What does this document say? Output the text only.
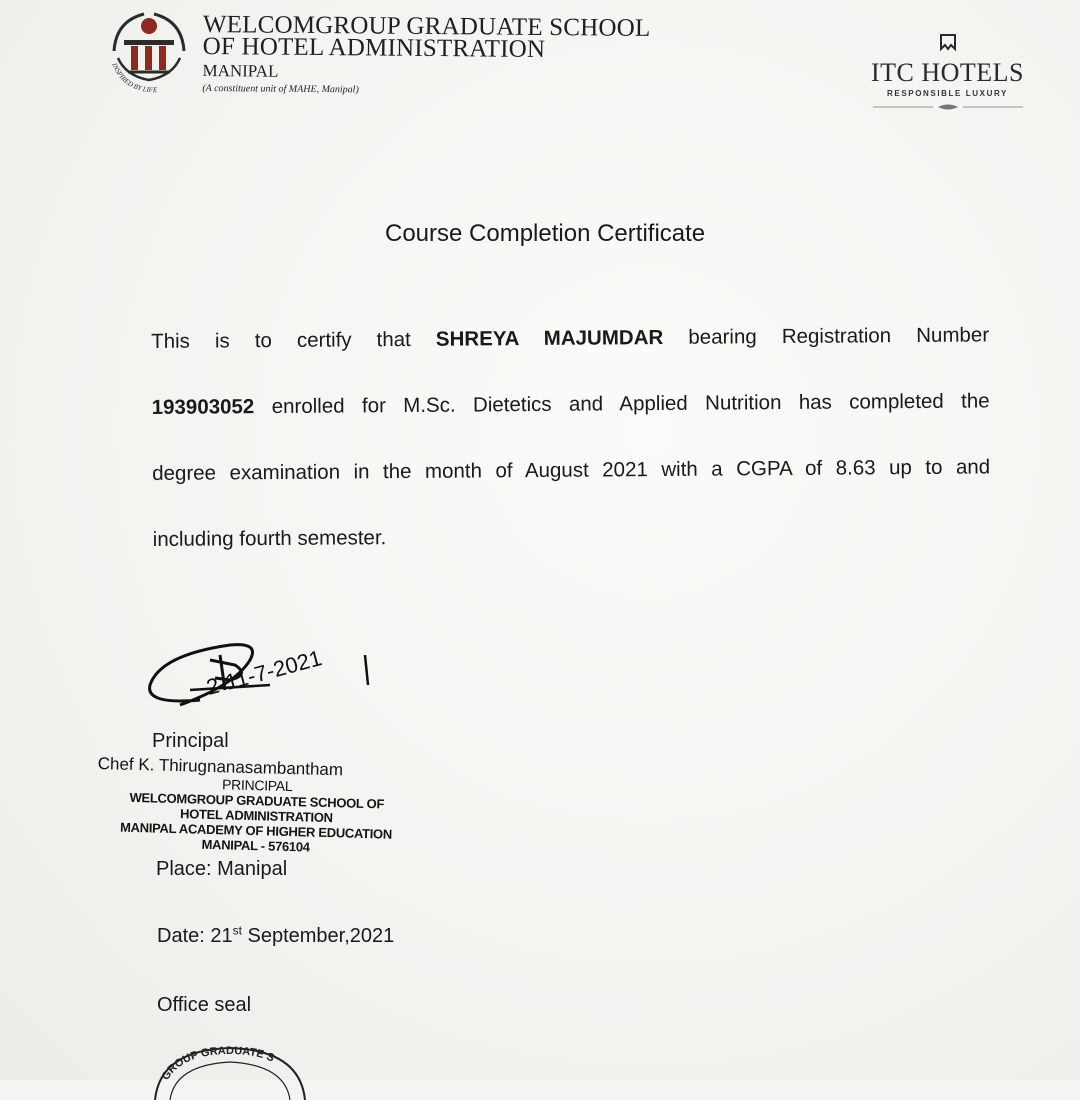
INSPIRED BY LIFE
WELCOMGROUP GRADUATE SCHOOL
OF HOTEL ADMINISTRATION
MANIPAL
(A constituent unit of MAHE, Manipal)
ITC HOTELS
RESPONSIBLE LUXURY
Course Completion Certificate
This is to certify that SHREYA MAJUMDAR bearing Registration Number
193903052 enrolled for M.Sc. Dietetics and Applied Nutrition has completed the
degree examination in the month of August 2021 with a CGPA of 8.63 up to and
including fourth semester.
2-11-7-2021
Principal
Chef K. Thirugnanasambantham
PRINCIPAL
WELCOMGROUP GRADUATE SCHOOL OF
HOTEL ADMINISTRATION
MANIPAL ACADEMY OF HIGHER EDUCATION
MANIPAL - 576104
Place: Manipal
Date: 21st September,2021
Office seal
GROUP GRADUATE S
